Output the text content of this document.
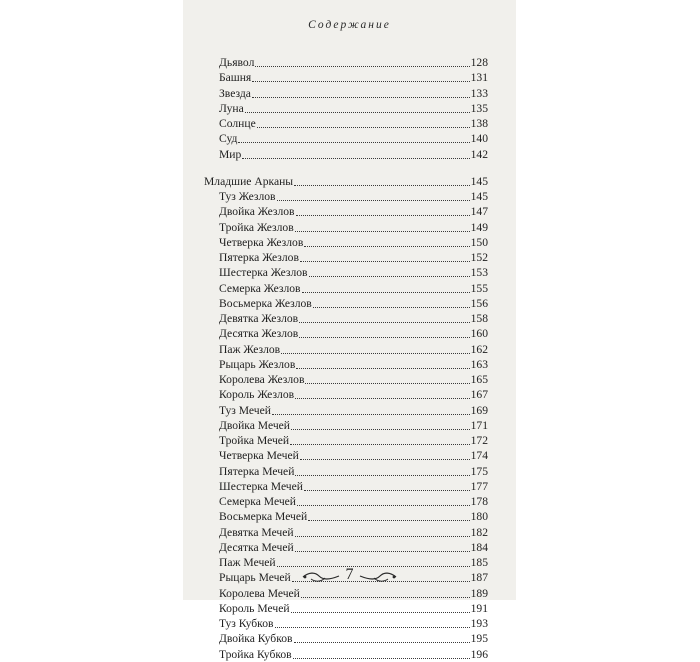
Содержание
Дьявол	128
Башня	131
Звезда	133
Луна	135
Солнце	138
Суд	140
Мир	142
Младшие Арканы	145
Туз Жезлов	145
Двойка Жезлов	147
Тройка Жезлов	149
Четверка Жезлов	150
Пятерка Жезлов	152
Шестерка Жезлов	153
Семерка Жезлов	155
Восьмерка Жезлов	156
Девятка Жезлов	158
Десятка Жезлов	160
Паж Жезлов	162
Рыцарь Жезлов	163
Королева Жезлов	165
Король Жезлов	167
Туз Мечей	169
Двойка Мечей	171
Тройка Мечей	172
Четверка Мечей	174
Пятерка Мечей	175
Шестерка Мечей	177
Семерка Мечей	178
Восьмерка Мечей	180
Девятка Мечей	182
Десятка Мечей	184
Паж Мечей	185
Рыцарь Мечей	187
Королева Мечей	189
Король Мечей	191
Туз Кубков	193
Двойка Кубков	195
Тройка Кубков	196
7
